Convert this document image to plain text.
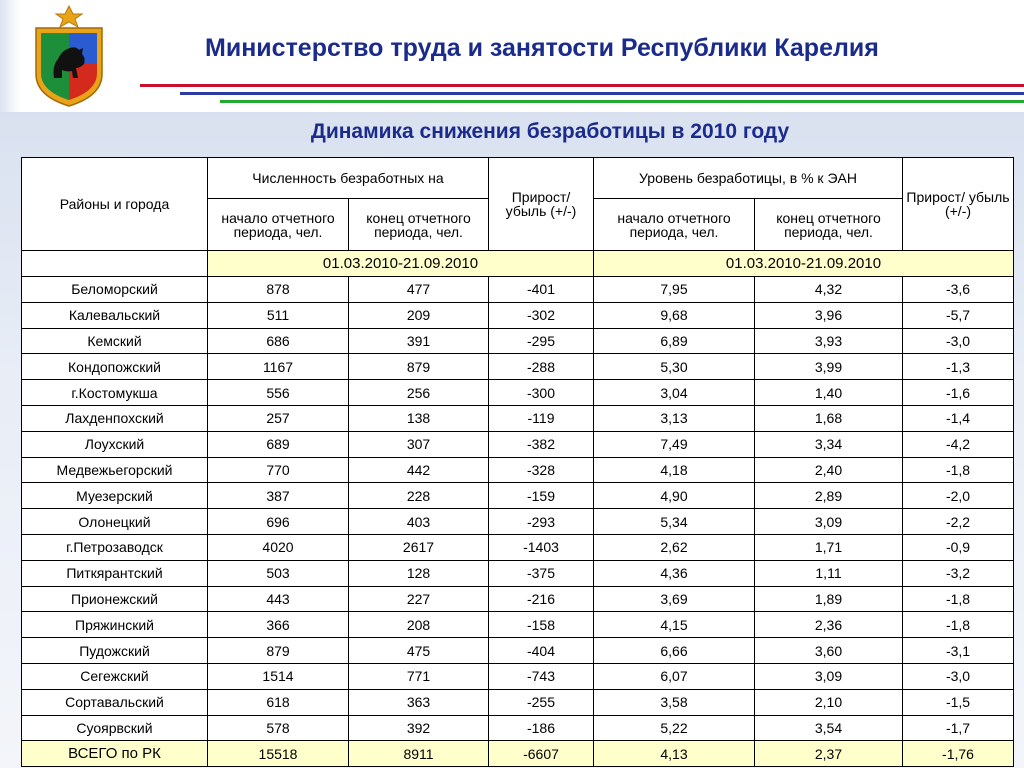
Министерство труда и занятости Республики Карелия
Динамика снижения безработицы в 2010 году
Районы и города	Численность безработных на		Прирост/ убыль (+/-)	Уровень безработицы, в % к ЭАН		Прирост/ убыль (+/-)
	начало отчетного периода, чел.	конец отчетного периода, чел.		начало отчетного периода, чел.	конец отчетного периода, чел.	
	01.03.2010-21.09.2010			01.03.2010-21.09.2010		
Беломорский	878	477	-401	7,95	4,32	-3,6
Калевальский	511	209	-302	9,68	3,96	-5,7
Кемский	686	391	-295	6,89	3,93	-3,0
Кондопожский	1167	879	-288	5,30	3,99	-1,3
г.Костомукша	556	256	-300	3,04	1,40	-1,6
Лахденпохский	257	138	-119	3,13	1,68	-1,4
Лоухский	689	307	-382	7,49	3,34	-4,2
Медвежьегорский	770	442	-328	4,18	2,40	-1,8
Муезерский	387	228	-159	4,90	2,89	-2,0
Олонецкий	696	403	-293	5,34	3,09	-2,2
г.Петрозаводск	4020	2617	-1403	2,62	1,71	-0,9
Питкярантский	503	128	-375	4,36	1,11	-3,2
Прионежский	443	227	-216	3,69	1,89	-1,8
Пряжинский	366	208	-158	4,15	2,36	-1,8
Пудожский	879	475	-404	6,66	3,60	-3,1
Сегежский	1514	771	-743	6,07	3,09	-3,0
Сортавальский	618	363	-255	3,58	2,10	-1,5
Суоярвский	578	392	-186	5,22	3,54	-1,7
ВСЕГО по РК	15518	8911	-6607	4,13	2,37	-1,76
